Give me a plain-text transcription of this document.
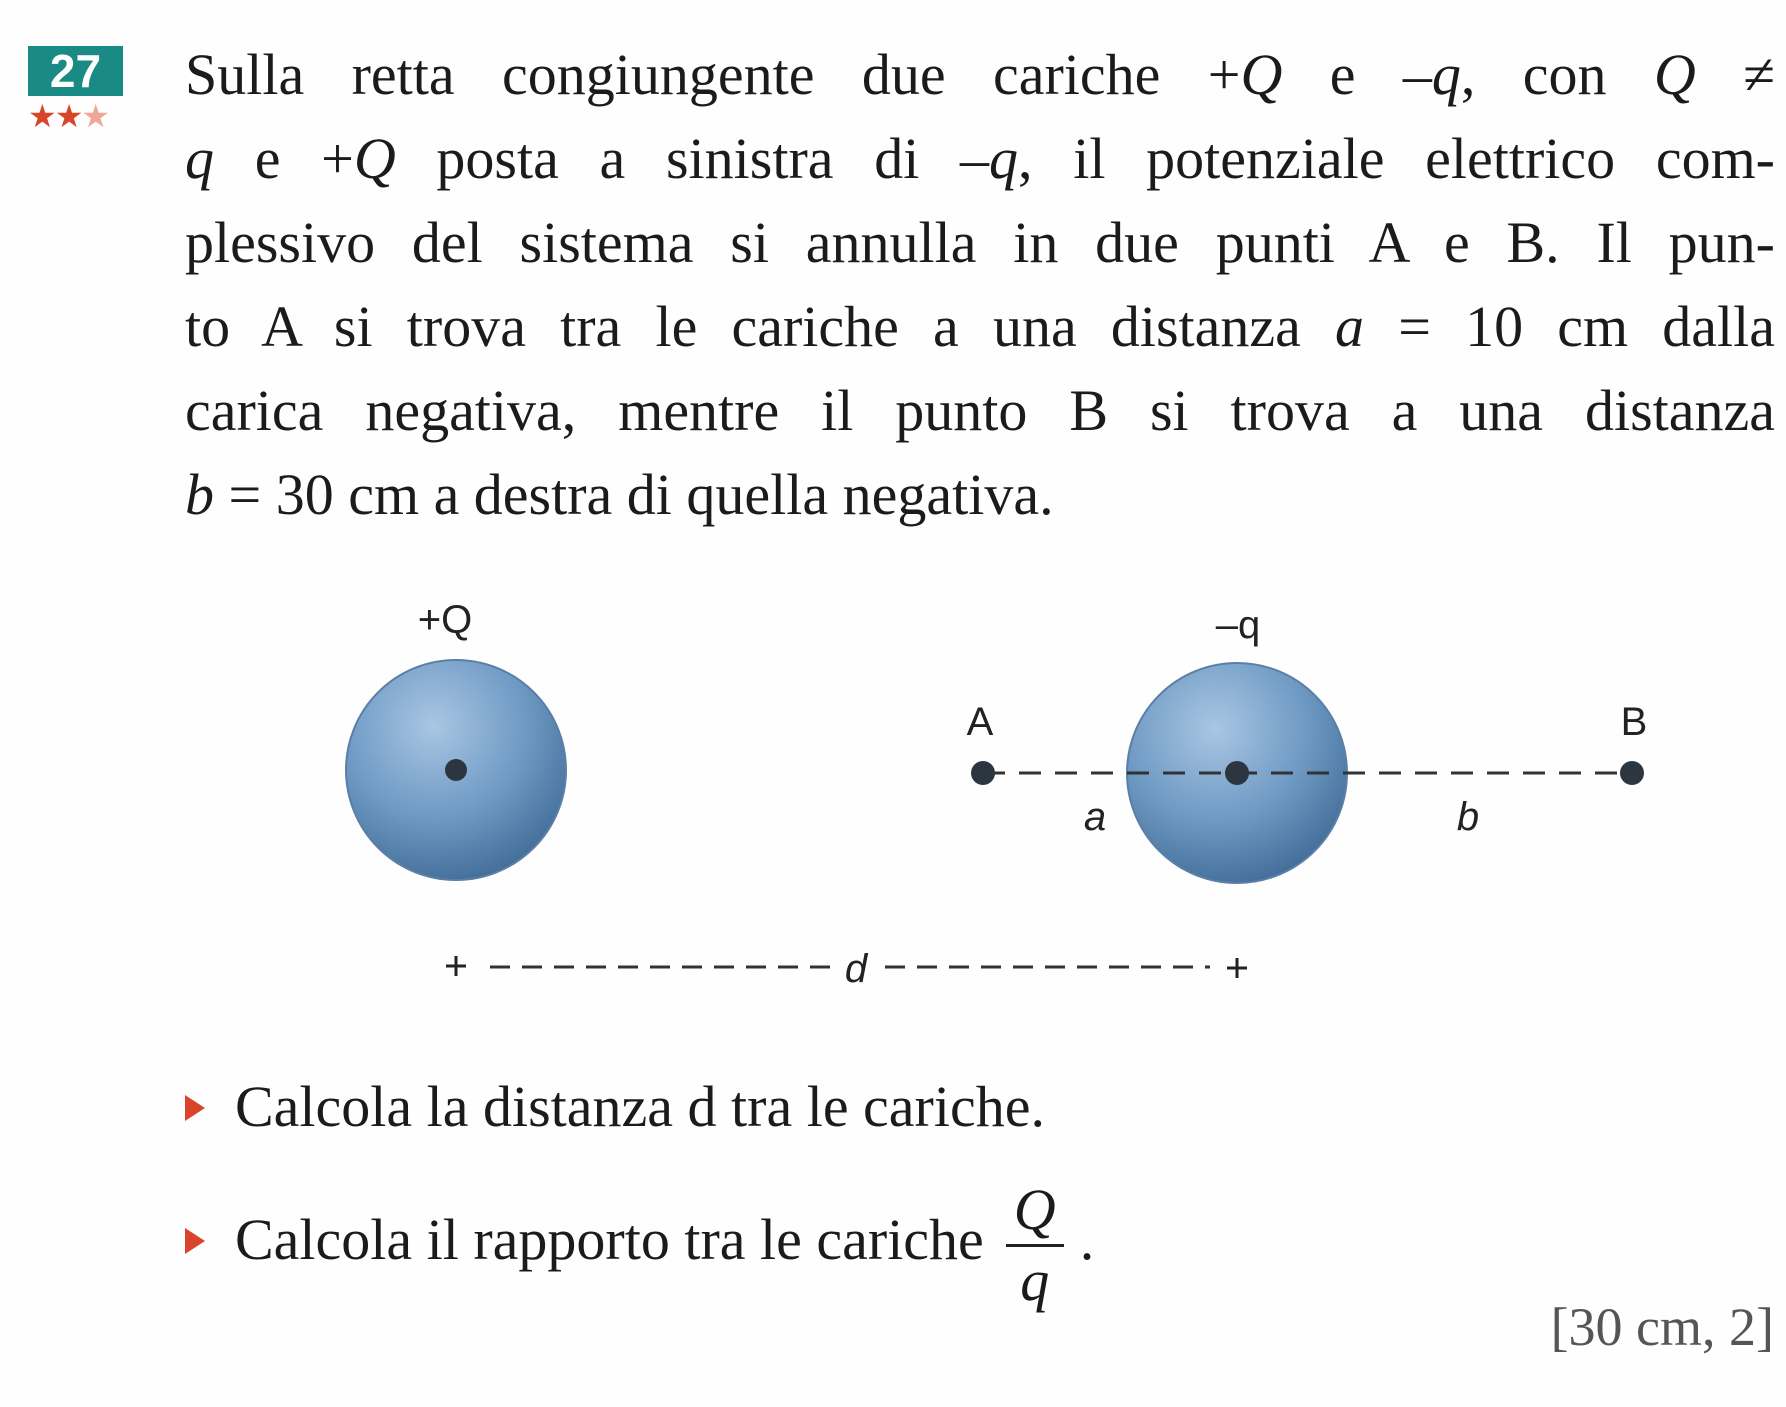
27
★★★
Sulla retta congiungente due cariche +Q e –q, con Q ≠
q e +Q posta a sinistra di –q, il potenziale elettrico com-
plessivo del sistema si annulla in due punti A e B. Il pun-
to A si trova tra le cariche a una distanza a = 10 cm dalla
carica negativa, mentre il punto B si trova a una distanza
b = 30 cm a destra di quella negativa.
+Q	–q
A	B
a	b
d
Calcola la distanza d tra le cariche.
Calcola il rapporto tra le cariche $\frac{Q}{q}$ .
[30 cm, 2]
